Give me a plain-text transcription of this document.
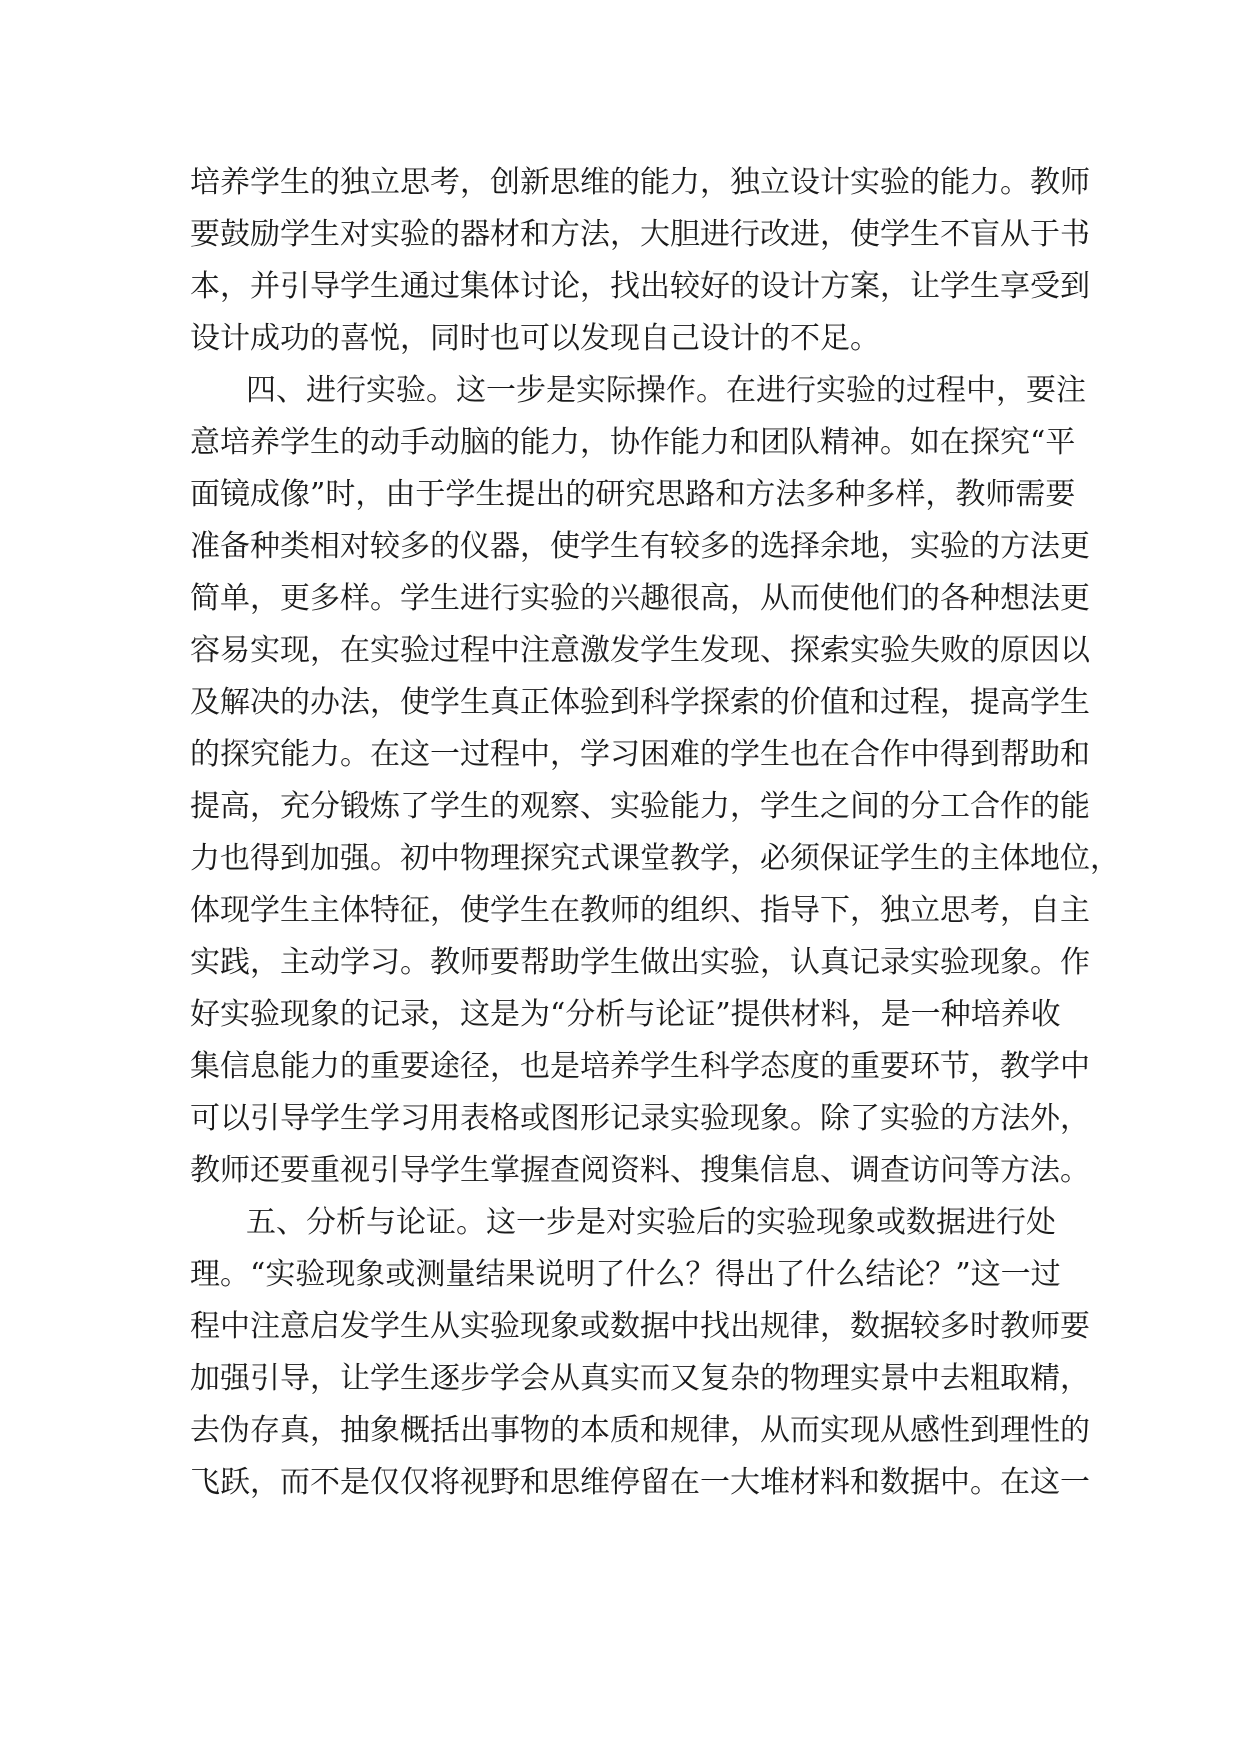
培养学生的独立思考，创新思维的能力，独立设计实验的能力。教师
要鼓励学生对实验的器材和方法，大胆进行改进，使学生不盲从于书
本，并引导学生通过集体讨论，找出较好的设计方案，让学生享受到
设计成功的喜悦，同时也可以发现自己设计的不足。
四、进行实验。这一步是实际操作。在进行实验的过程中，要注
意培养学生的动手动脑的能力，协作能力和团队精神。如在探究“平
面镜成像”时，由于学生提出的研究思路和方法多种多样，教师需要
准备种类相对较多的仪器，使学生有较多的选择余地，实验的方法更
简单，更多样。学生进行实验的兴趣很高，从而使他们的各种想法更
容易实现，在实验过程中注意激发学生发现、探索实验失败的原因以
及解决的办法，使学生真正体验到科学探索的价值和过程，提高学生
的探究能力。在这一过程中，学习困难的学生也在合作中得到帮助和
提高，充分锻炼了学生的观察、实验能力，学生之间的分工合作的能
力也得到加强。初中物理探究式课堂教学，必须保证学生的主体地位，
体现学生主体特征，使学生在教师的组织、指导下，独立思考，自主
实践，主动学习。教师要帮助学生做出实验，认真记录实验现象。作
好实验现象的记录，这是为“分析与论证”提供材料，是一种培养收
集信息能力的重要途径，也是培养学生科学态度的重要环节，教学中
可以引导学生学习用表格或图形记录实验现象。除了实验的方法外，
教师还要重视引导学生掌握查阅资料、搜集信息、调查访问等方法。
五、分析与论证。这一步是对实验后的实验现象或数据进行处
理。“实验现象或测量结果说明了什么？得出了什么结论？”这一过
程中注意启发学生从实验现象或数据中找出规律，数据较多时教师要
加强引导，让学生逐步学会从真实而又复杂的物理实景中去粗取精，
去伪存真，抽象概括出事物的本质和规律，从而实现从感性到理性的
飞跃，而不是仅仅将视野和思维停留在一大堆材料和数据中。在这一
